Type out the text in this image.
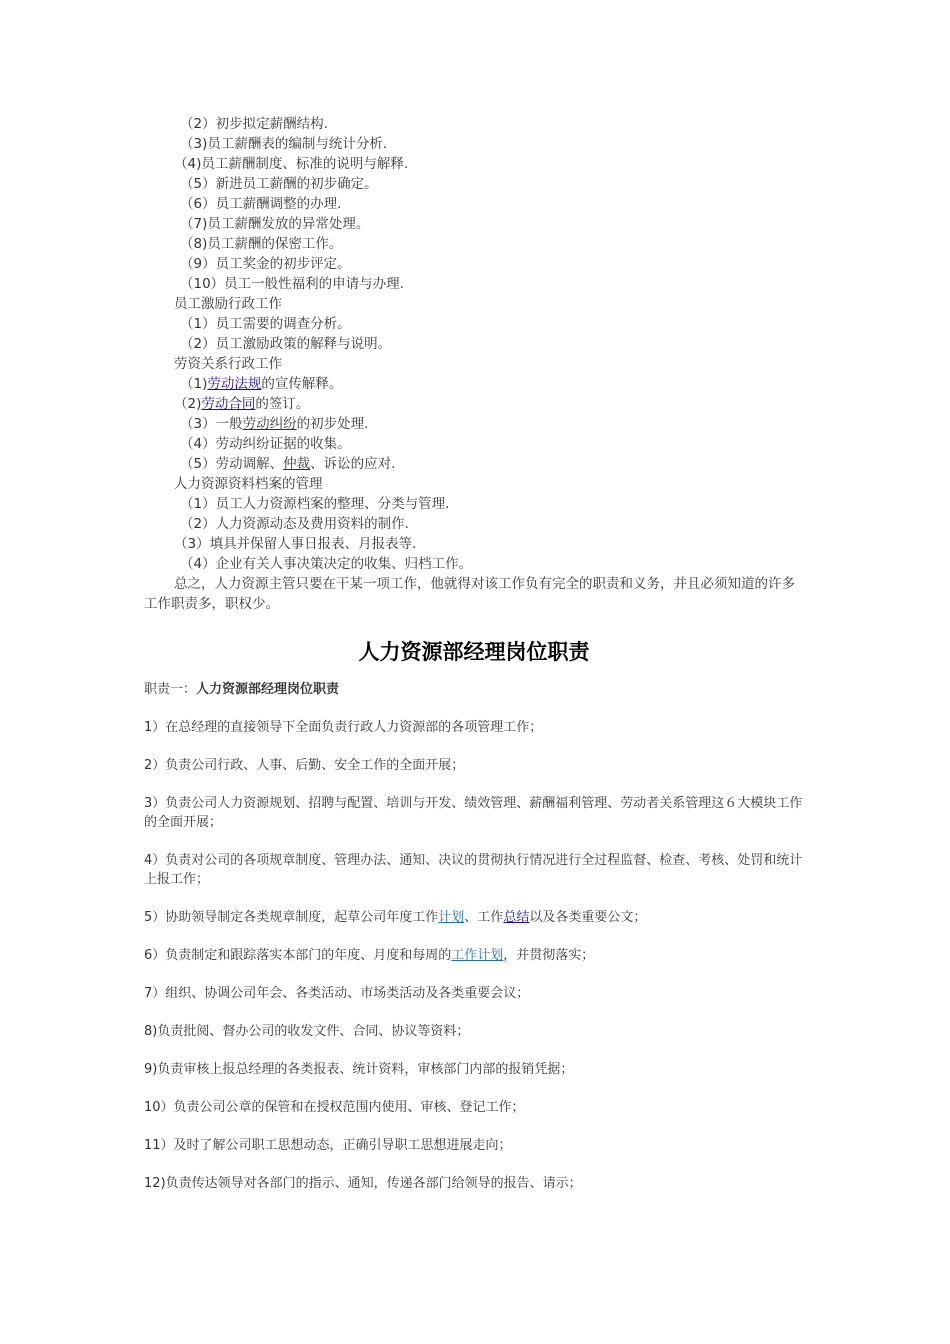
（2）初步拟定薪酬结构.
（3)员工薪酬表的编制与统计分析.
（4)员工薪酬制度、标准的说明与解释.
（5）新进员工薪酬的初步确定。
（6）员工薪酬调整的办理.
（7)员工薪酬发放的异常处理。
（8)员工薪酬的保密工作。
（9）员工奖金的初步评定。
（10）员工一般性福利的申请与办理.
员工激励行政工作
（1）员工需要的调查分析。
（2）员工激励政策的解释与说明。
劳资关系行政工作
（1)劳动法规的宣传解释。
（2)劳动合同的签订。
（3）一般劳动纠纷的初步处理.
（4）劳动纠纷证据的收集。
（5）劳动调解、仲裁、诉讼的应对.
人力资源资料档案的管理
（1）员工人力资源档案的整理、分类与管理.
（2）人力资源动态及费用资料的制作.
（3）填具并保留人事日报表、月报表等.
（4）企业有关人事决策决定的收集、归档工作。
总之，人力资源主管只要在干某一项工作，他就得对该工作负有完全的职责和义务，并且必须知道的许多工作职责多，职权少。
人力资源部经理岗位职责

职责一：人力资源部经理岗位职责

1）在总经理的直接领导下全面负责行政人力资源部的各项管理工作；

2）负责公司行政、人事、后勤、安全工作的全面开展；

3）负责公司人力资源规划、招聘与配置、培训与开发、绩效管理、薪酬福利管理、劳动者关系管理这６大模块工作的全面开展；

4）负责对公司的各项规章制度、管理办法、通知、决议的贯彻执行情况进行全过程监督、检查、考核、处罚和统计上报工作；

5）协助领导制定各类规章制度，起草公司年度工作计划、工作总结以及各类重要公文；

6）负责制定和跟踪落实本部门的年度、月度和每周的工作计划，并贯彻落实；

7）组织、协调公司年会、各类活动、市场类活动及各类重要会议；

8)负责批阅、督办公司的收发文件、合同、协议等资料；

9)负责审核上报总经理的各类报表、统计资料，审核部门内部的报销凭据；

10）负责公司公章的保管和在授权范围内使用、审核、登记工作；

11）及时了解公司职工思想动态，正确引导职工思想进展走向；

12)负责传达领导对各部门的指示、通知，传递各部门给领导的报告、请示；
